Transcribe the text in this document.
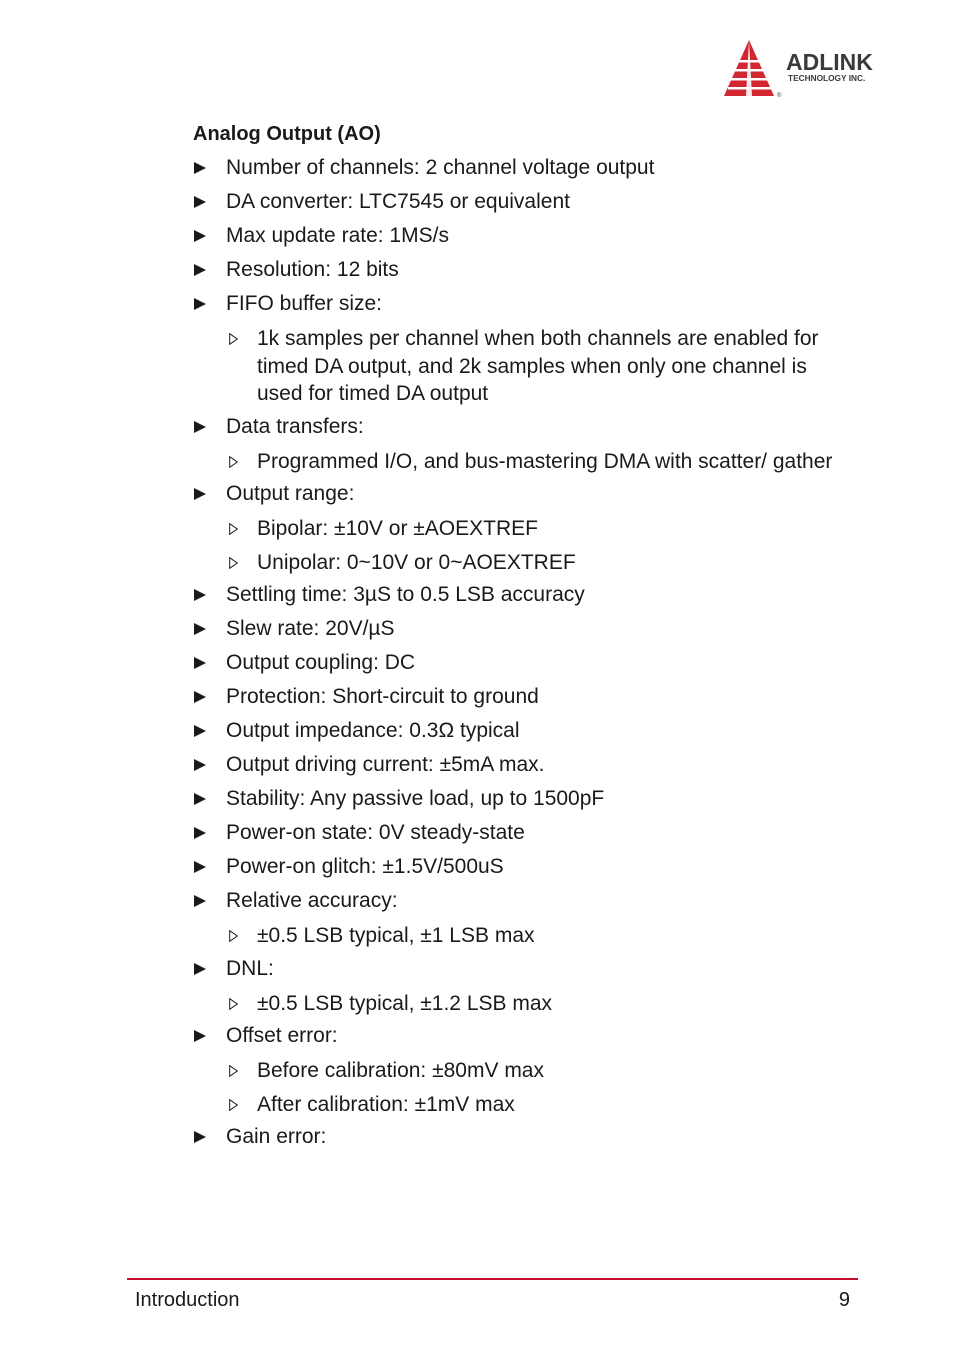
ADLINK
TECHNOLOGY INC.
®
Analog Output (AO)
Number of channels: 2 channel voltage output
DA converter: LTC7545 or equivalent
Max update rate: 1MS/s
Resolution: 12 bits
FIFO buffer size:
1k samples per channel when both channels are enabled for timed DA output, and 2k samples when only one channel is used for timed DA output
Data transfers:
Programmed I/O, and bus-mastering DMA with scatter/ gather
Output range:
Bipolar: ±10V or ±AOEXTREF
Unipolar: 0~10V or 0~AOEXTREF
Settling time: 3µS to 0.5 LSB accuracy
Slew rate: 20V/µS
Output coupling: DC
Protection: Short-circuit to ground
Output impedance: 0.3Ω typical
Output driving current: ±5mA max.
Stability: Any passive load, up to 1500pF
Power-on state: 0V steady-state
Power-on glitch: ±1.5V/500uS
Relative accuracy:
±0.5 LSB typical, ±1 LSB max
DNL:
±0.5 LSB typical, ±1.2 LSB max
Offset error:
Before calibration: ±80mV max
After calibration: ±1mV max
Gain error:
Introduction	9
